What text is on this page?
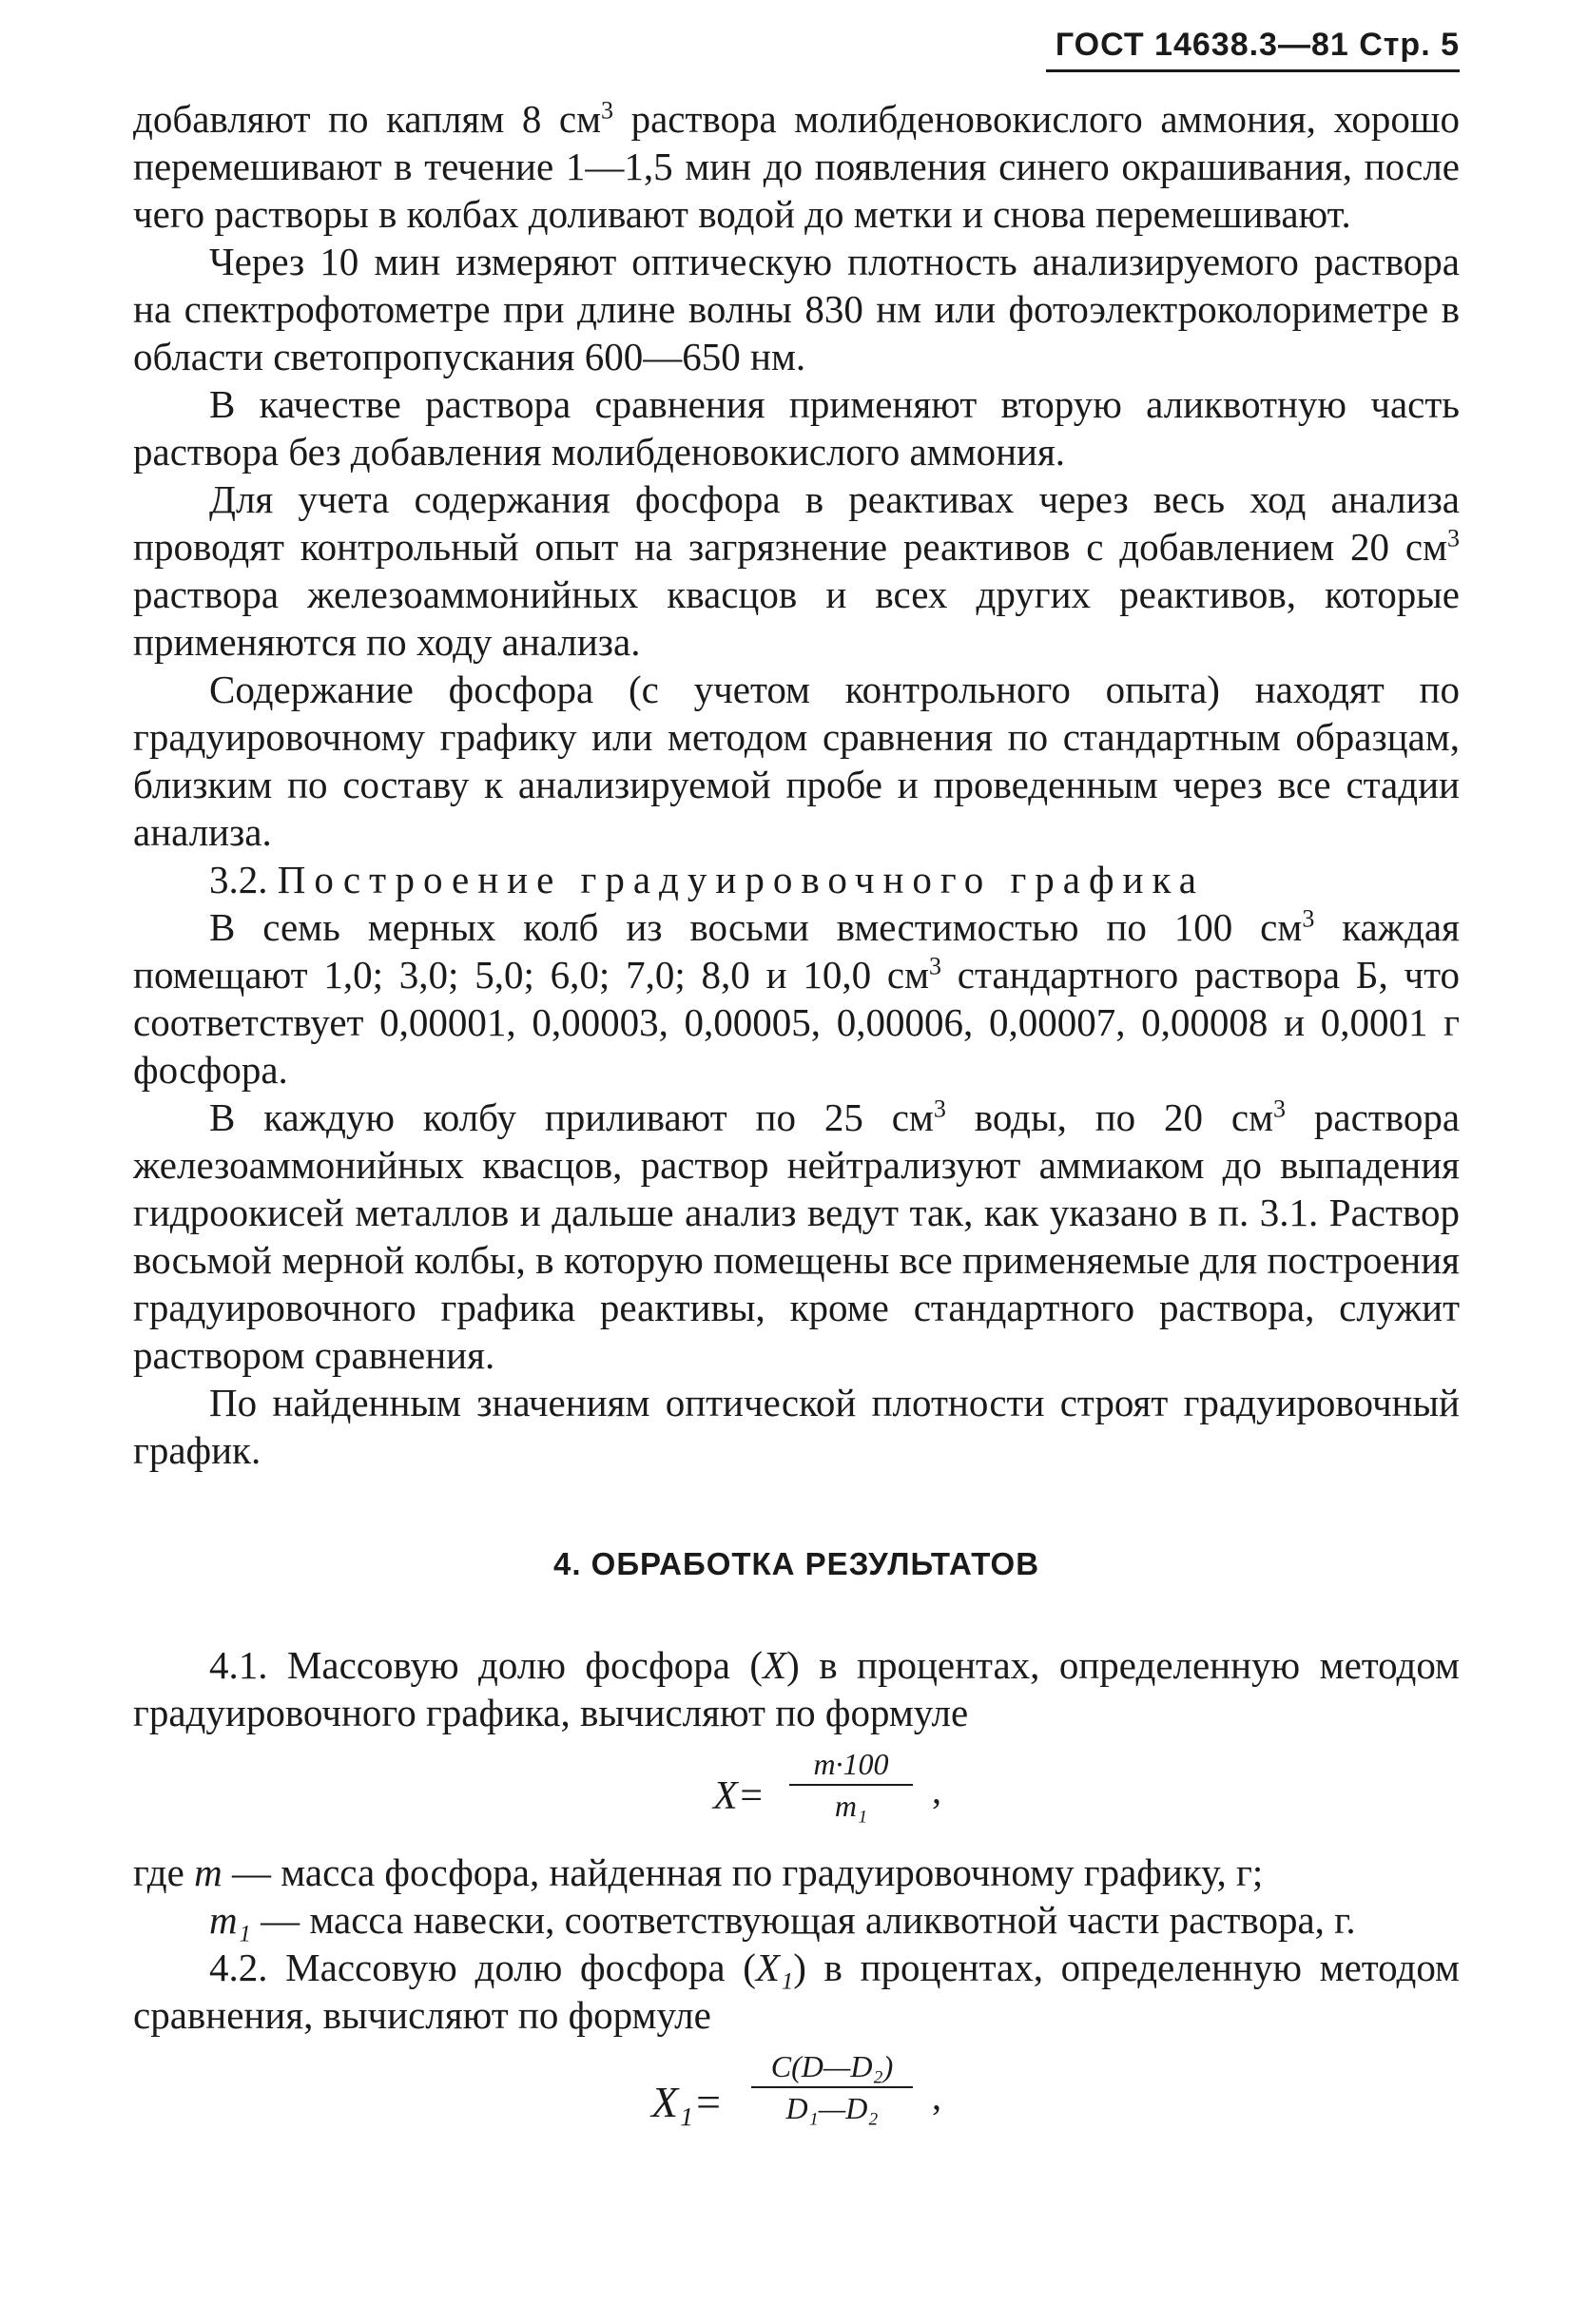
ГОСТ 14638.3—81 Стр. 5

добавляют по каплям 8 $см^3$ раствора молибденовокислого аммония, хорошо перемешивают в течение 1—1,5 мин до появления синего окрашивания, после чего растворы в колбах доливают водой до метки и снова перемешивают.

Через 10 мин измеряют оптическую плотность анализируемого раствора на спектрофотометре при длине волны 830 нм или фотоэлектроколориметре в области светопропускания 600—650 нм.

В качестве раствора сравнения применяют вторую аликвотную часть раствора без добавления молибденовокислого аммония.

Для учета содержания фосфора в реактивах через весь ход анализа проводят контрольный опыт на загрязнение реактивов с добавлением 20 $см^3$ раствора железоаммонийных квасцов и всех других реактивов, которые применяются по ходу анализа.

Содержание фосфора (с учетом контрольного опыта) находят по градуировочному графику или методом сравнения по стандартным образцам, близким по составу к анализируемой пробе и проведенным через все стадии анализа.

3.2. Построение градуировочного графика

В семь мерных колб из восьми вместимостью по 100 $см^3$ каждая помещают 1,0; 3,0; 5,0; 6,0; 7,0; 8,0 и 10,0 $см^3$ стандартного раствора Б, что соответствует 0,00001, 0,00003, 0,00005, 0,00006, 0,00007, 0,00008 и 0,0001 г фосфора.

В каждую колбу приливают по 25 $см^3$ воды, по 20 $см^3$ раствора железоаммонийных квасцов, раствор нейтрализуют аммиаком до выпадения гидроокисей металлов и дальше анализ ведут так, как указано в п. 3.1. Раствор восьмой мерной колбы, в которую помещены все применяемые для построения градуировочного графика реактивы, кроме стандартного раствора, служит раствором сравнения.

По найденным значениям оптической плотности строят градуировочный график.

4. ОБРАБОТКА РЕЗУЛЬТАТОВ

4.1. Массовую долю фосфора (X) в процентах, определенную методом градуировочного графика, вычисляют по формуле

X=
m·100
m₁	,

где m — масса фосфора, найденная по градуировочному графику, г;

m₁ — масса навески, соответствующая аликвотной части раствора, г.

4.2. Массовую долю фосфора (X₁) в процентах, определенную методом сравнения, вычисляют по формуле

X₁=
C(D—D₂)
D₁—D₂	,
